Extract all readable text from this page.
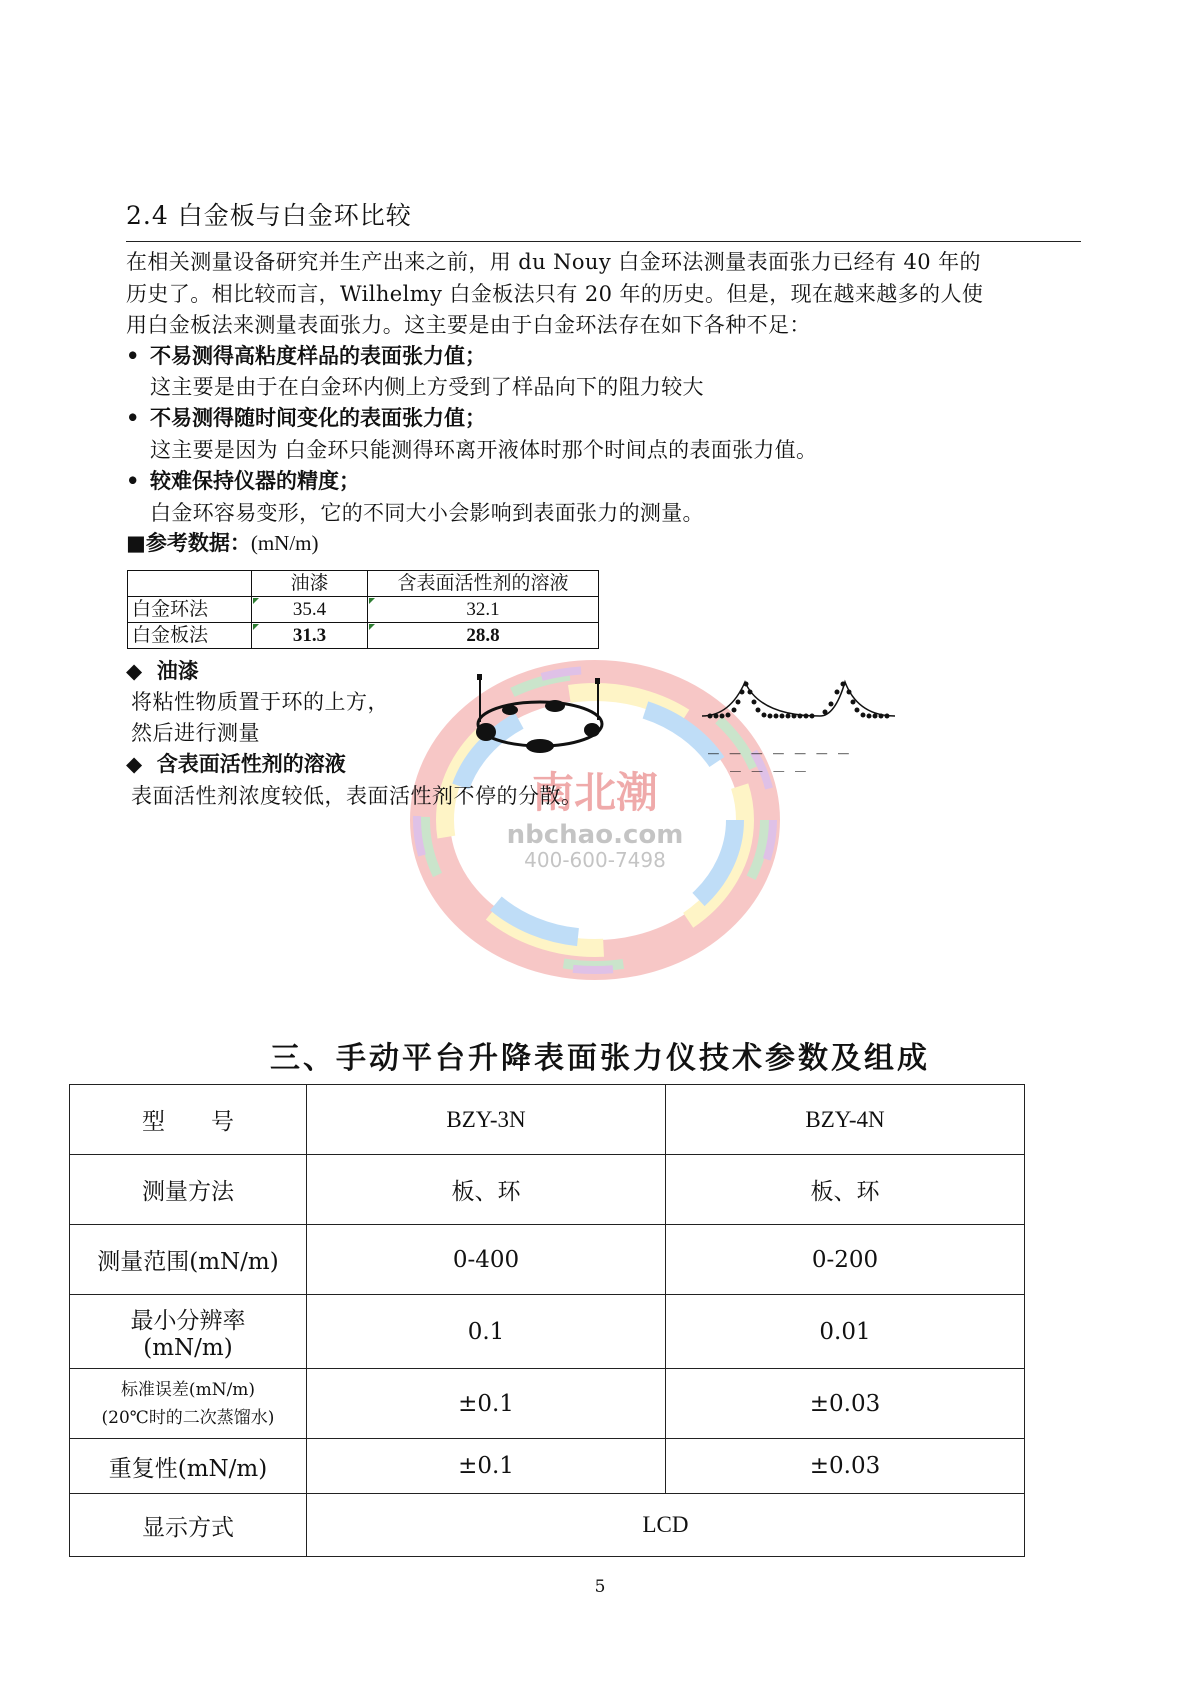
南北潮
nbchao.com
400-600-7498
2.4 白金板与白金环比较
在相关测量设备研究并生产出来之前，用 du Nouy 白金环法测量表面张力已经有 40 年的
历史了。相比较而言，Wilhelmy 白金板法只有 20 年的历史。但是，现在越来越多的人使
用白金板法来测量表面张力。这主要是由于白金环法存在如下各种不足：
• 不易测得高粘度样品的表面张力值；
这主要是由于在白金环内侧上方受到了样品向下的阻力较大
• 不易测得随时间变化的表面张力值；
这主要是因为 白金环只能测得环离开液体时那个时间点的表面张力值。
• 较难保持仪器的精度；
白金环容易变形，它的不同大小会影响到表面张力的测量。
■参考数据：(mN/m)
	油漆	含表面活性剂的溶液
白金环法	35.4	32.1
白金板法	31.3	28.8
◆ 油漆
将粘性物质置于环的上方，
然后进行测量
◆ 含表面活性剂的溶液
表面活性剂浓度较低，表面活性剂不停的分散。
_ _ _ _ _ _ _
_ _ _ _
三、手动平台升降表面张力仪技术参数及组成
型　　号	BZY-3N	BZY-4N
测量方法	板、环	板、环
测量范围(mN/m)	0-400	0-200

最小分辨率
(mN/m)	0.1	0.01

标准误差(mN/m)
(20℃时的二次蒸馏水)	±0.1	±0.03
重复性(mN/m)	±0.1	±0.03
显示方式	LCD	
5
